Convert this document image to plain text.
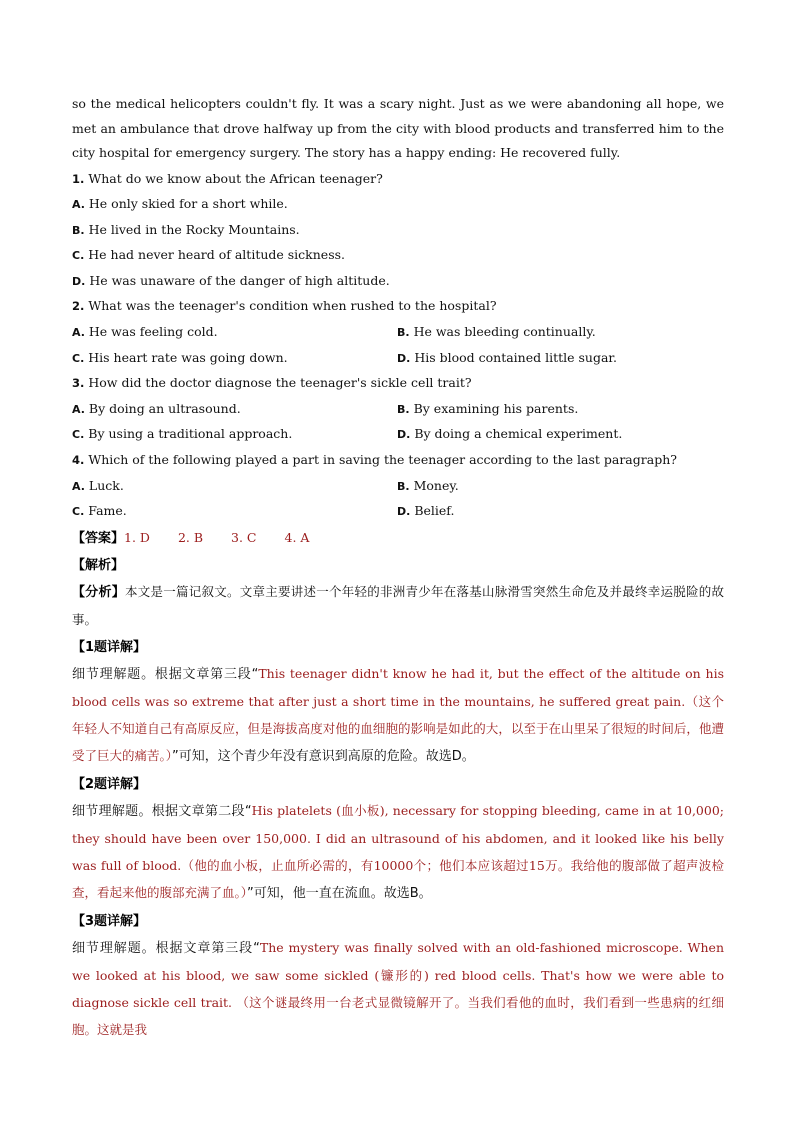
so the medical helicopters couldn't fly. It was a scary night. Just as we were abandoning all hope, we met an ambulance that drove halfway up from the city with blood products and transferred him to the city hospital for emergency surgery. The story has a happy ending: He recovered fully.

1. What do we know about the African teenager?
A. He only skied for a short while.
B. He lived in the Rocky Mountains.
C. He had never heard of altitude sickness.
D. He was unaware of the danger of high altitude.
2. What was the teenager's condition when rushed to the hospital?
A. He was feeling cold.	B. He was bleeding continually.
C. His heart rate was going down.	D. His blood contained little sugar.
3. How did the doctor diagnose the teenager's sickle cell trait?
A. By doing an ultrasound.	B. By examining his parents.
C. By using a traditional approach.	D. By doing a chemical experiment.
4. Which of the following played a part in saving the teenager according to the last paragraph?
A. Luck.	B. Money.
C. Fame.	D. Belief.
【答案】1. D 2. B 3. C 4. A
【解析】

【分析】本文是一篇记叙文。文章主要讲述一个年轻的非洲青少年在落基山脉滑雪突然生命危及并最终幸运脱险的故事。

【1题详解】

细节理解题。根据文章第三段“This teenager didn't know he had it, but the effect of the altitude on his blood cells was so extreme that after just a short time in the mountains, he suffered great pain.（这个年轻人不知道自己有高原反应，但是海拔高度对他的血细胞的影响是如此的大，以至于在山里呆了很短的时间后，他遭受了巨大的痛苦。）”可知，这个青少年没有意识到高原的危险。故选D。

【2题详解】

细节理解题。根据文章第二段“His platelets (血小板), necessary for stopping bleeding, came in at 10,000; they should have been over 150,000. I did an ultrasound of his abdomen, and it looked like his belly was full of blood.（他的血小板，止血所必需的，有10000个；他们本应该超过15万。我给他的腹部做了超声波检查，看起来他的腹部充满了血。）”可知，他一直在流血。故选B。

【3题详解】

细节理解题。根据文章第三段“The mystery was finally solved with an old-fashioned microscope. When we looked at his blood, we saw some sickled (镰形的) red blood cells. That's how we were able to diagnose sickle cell trait. （这个谜最终用一台老式显微镜解开了。当我们看他的血时，我们看到一些患病的红细胞。这就是我
